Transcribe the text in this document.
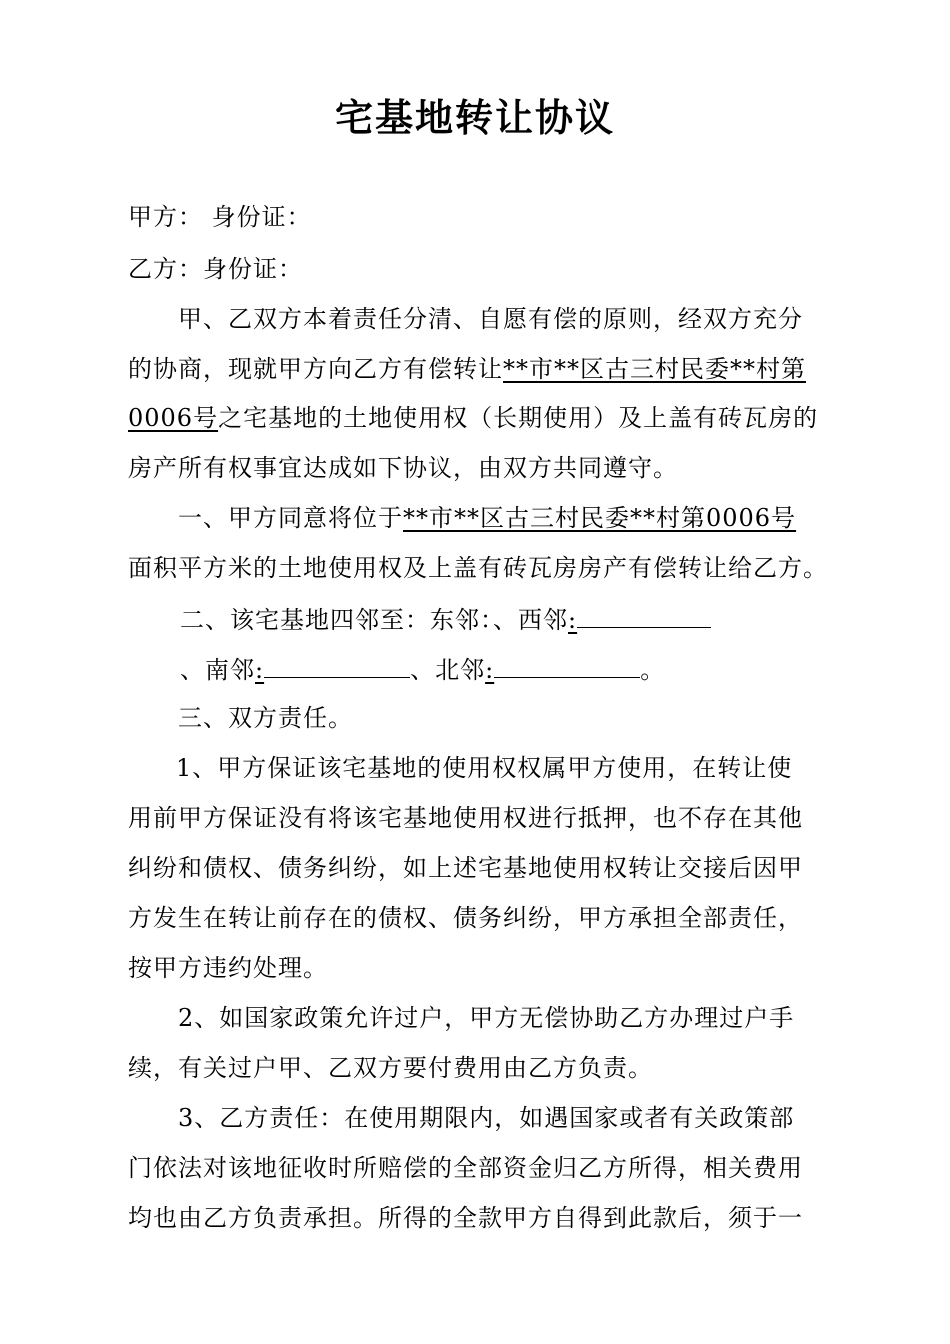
宅基地转让协议
甲方： 身份证：
乙方：身份证：
甲、乙双方本着责任分清、自愿有偿的原则，经双方充分
的协商，现就甲方向乙方有偿转让**市**区古三村民委**村第
0006号之宅基地的土地使用权（长期使用）及上盖有砖瓦房的
房产所有权事宜达成如下协议，由双方共同遵守。
一、甲方同意将位于**市**区古三村民委**村第0006号
面积平方米的土地使用权及上盖有砖瓦房房产有偿转让给乙方。
二、该宅基地四邻至：东邻：、西邻:
、南邻:	、北邻:	。
三、双方责任。
1、甲方保证该宅基地的使用权权属甲方使用，在转让使
用前甲方保证没有将该宅基地使用权进行抵押，也不存在其他
纠纷和债权、债务纠纷，如上述宅基地使用权转让交接后因甲
方发生在转让前存在的债权、债务纠纷，甲方承担全部责任，
按甲方违约处理。
2、如国家政策允许过户，甲方无偿协助乙方办理过户手
续，有关过户甲、乙双方要付费用由乙方负责。
3、乙方责任：在使用期限内，如遇国家或者有关政策部
门依法对该地征收时所赔偿的全部资金归乙方所得，相关费用
均也由乙方负责承担。所得的全款甲方自得到此款后，须于一
